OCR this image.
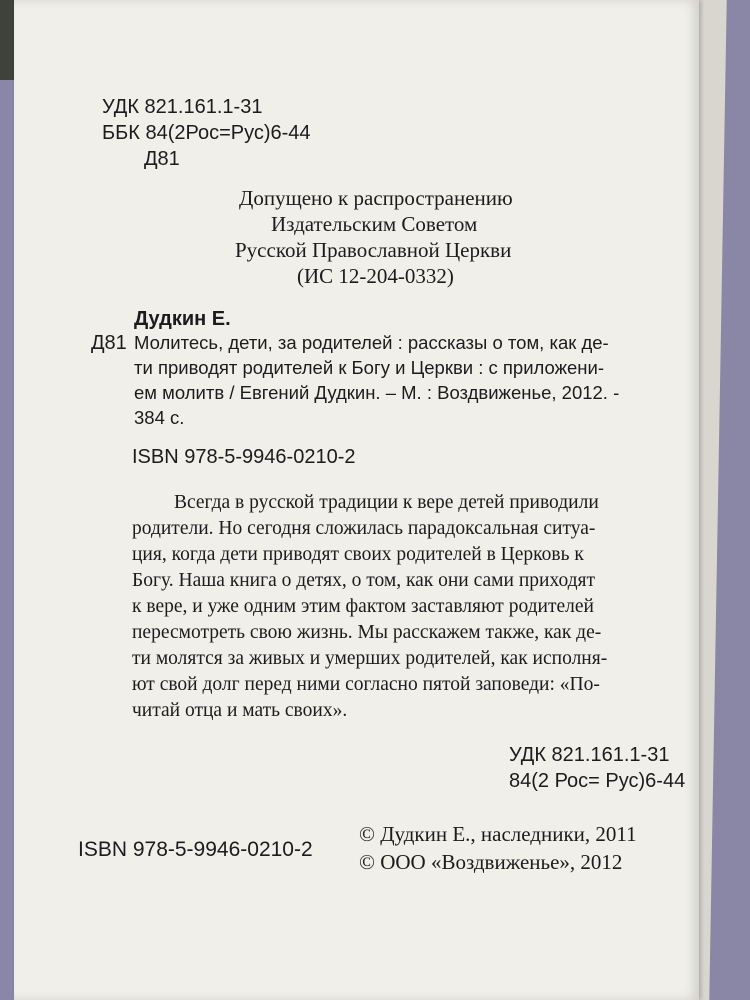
⁠ ⁠
УДК 821.161.1-31
ББК 84(2Рос=Рус)6-44
Д81
Допущено к распространению
Издательским Советом
Русской Православной Церкви
(ИС 12-204-0332)
Дудкин Е.
Д81 Молитесь, дети, за родителей : рассказы о том, как де-
ти приводят родителей к Богу и Церкви : с приложени-
ем молитв / Евгений Дудкин. – М. : Воздвиженье, 2012. -
384 с.
ISBN 978-5-9946-0210-2
Всегда в русской традиции к вере детей приводили
родители. Но сегодня сложилась парадоксальная ситуа-
ция, когда дети приводят своих родителей в Церковь к
Богу. Наша книга о детях, о том, как они сами приходят
к вере, и уже одним этим фактом заставляют родителей
пересмотреть свою жизнь. Мы расскажем также, как де-
ти молятся за живых и умерших родителей, как исполня-
ют свой долг перед ними согласно пятой заповеди: «По-
читай отца и мать своих».
УДК 821.161.1-31
84(2 Рос= Рус)6-44
ISBN 978-5-9946-0210-2
© Дудкин Е., наследники, 2011
© ООО «Воздвиженье», 2012
